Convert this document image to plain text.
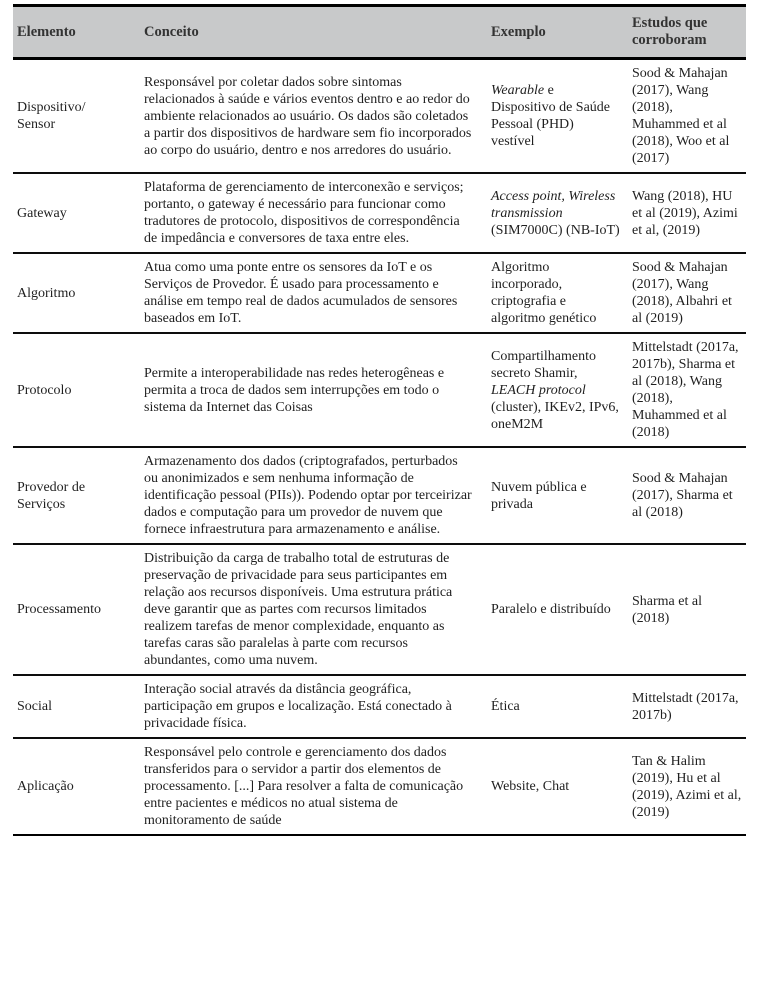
Elemento	Conceito	Exemplo	Estudos que corroboram
Dispositivo/ Sensor	Responsável por coletar dados sobre sintomas relacionados à saúde e vários eventos dentro e ao redor do ambiente relacionados ao usuário. Os dados são coletados a partir dos dispositivos de hardware sem fio incorporados ao corpo do usuário, dentro e nos arredores do usuário.	Wearable e Dispositivo de Saúde Pessoal (PHD) vestível	Sood & Mahajan (2017), Wang (2018), Muhammed et al (2018), Woo et al (2017)
Gateway	Plataforma de gerenciamento de interconexão e serviços; portanto, o gateway é necessário para funcionar como tradutores de protocolo, dispositivos de correspondência de impedância e conversores de taxa entre eles.	Access point, Wireless transmission (SIM7000C) (NB-IoT)	Wang (2018), HU et al (2019), Azimi et al, (2019)
Algoritmo	Atua como uma ponte entre os sensores da IoT e os Serviços de Provedor. É usado para processamento e análise em tempo real de dados acumulados de sensores baseados em IoT.	Algoritmo incorporado, criptografia e algoritmo genético	Sood & Mahajan (2017), Wang (2018), Albahri et al (2019)
Protocolo	Permite a interoperabilidade nas redes heterogêneas e permita a troca de dados sem interrupções em todo o sistema da Internet das Coisas	Compartilhamento secreto Shamir, LEACH protocol (cluster), IKEv2, IPv6, oneM2M	Mittelstadt (2017a, 2017b), Sharma et al (2018), Wang (2018), Muhammed et al (2018)
Provedor de Serviços	Armazenamento dos dados (criptografados, perturbados ou anonimizados e sem nenhuma informação de identificação pessoal (PIIs)). Podendo optar por terceirizar dados e computação para um provedor de nuvem que fornece infraestrutura para armazenamento e análise.	Nuvem pública e privada	Sood & Mahajan (2017), Sharma et al (2018)
Processamento	Distribuição da carga de trabalho total de estruturas de preservação de privacidade para seus participantes em relação aos recursos disponíveis. Uma estrutura prática deve garantir que as partes com recursos limitados realizem tarefas de menor complexidade, enquanto as tarefas caras são paralelas à parte com recursos abundantes, como uma nuvem.	Paralelo e distribuído	Sharma et al (2018)
Social	Interação social através da distância geográfica, participação em grupos e localização. Está conectado à privacidade física.	Ética	Mittelstadt (2017a, 2017b)
Aplicação	Responsável pelo controle e gerenciamento dos dados transferidos para o servidor a partir dos elementos de processamento. [...] Para resolver a falta de comunicação entre pacientes e médicos no atual sistema de monitoramento de saúde	Website, Chat	Tan & Halim (2019), Hu et al (2019), Azimi et al, (2019)
